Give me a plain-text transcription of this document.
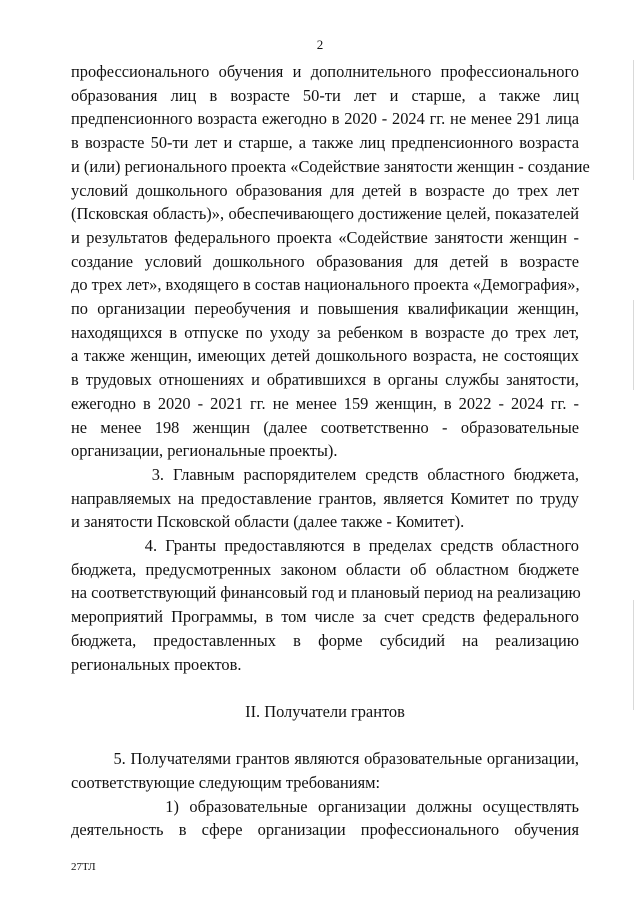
2
профессионального обучения и дополнительного профессионального
образования лиц в возрасте 50-ти лет и старше, а также лиц
предпенсионного возраста ежегодно в 2020 - 2024 гг. не менее 291 лица
в возрасте 50-ти лет и старше, а также лиц предпенсионного возраста
и (или) регионального проекта «Содействие занятости женщин - создание
условий дошкольного образования для детей в возрасте до трех лет
(Псковская область)», обеспечивающего достижение целей, показателей
и результатов федерального проекта «Содействие занятости женщин -
создание условий дошкольного образования для детей в возрасте
до трех лет», входящего в состав национального проекта «Демография»,
по организации переобучения и повышения квалификации женщин,
находящихся в отпуске по уходу за ребенком в возрасте до трех лет,
а также женщин, имеющих детей дошкольного возраста, не состоящих
в трудовых отношениях и обратившихся в органы службы занятости,
ежегодно в 2020 - 2021 гг. не менее 159 женщин, в 2022 - 2024 гг. -
не менее 198 женщин (далее соответственно - образовательные
организации, региональные проекты).
3. Главным распорядителем средств областного бюджета,
направляемых на предоставление грантов, является Комитет по труду
и занятости Псковской области (далее также - Комитет).
4. Гранты предоставляются в пределах средств областного
бюджета, предусмотренных законом области об областном бюджете
на соответствующий финансовый год и плановый период на реализацию
мероприятий Программы, в том числе за счет средств федерального
бюджета, предоставленных в форме субсидий на реализацию
региональных проектов.
II. Получатели грантов
5. Получателями грантов являются образовательные организации,
соответствующие следующим требованиям:
1) образовательные организации должны осуществлять
деятельность в сфере организации профессионального обучения
27ТЛ
